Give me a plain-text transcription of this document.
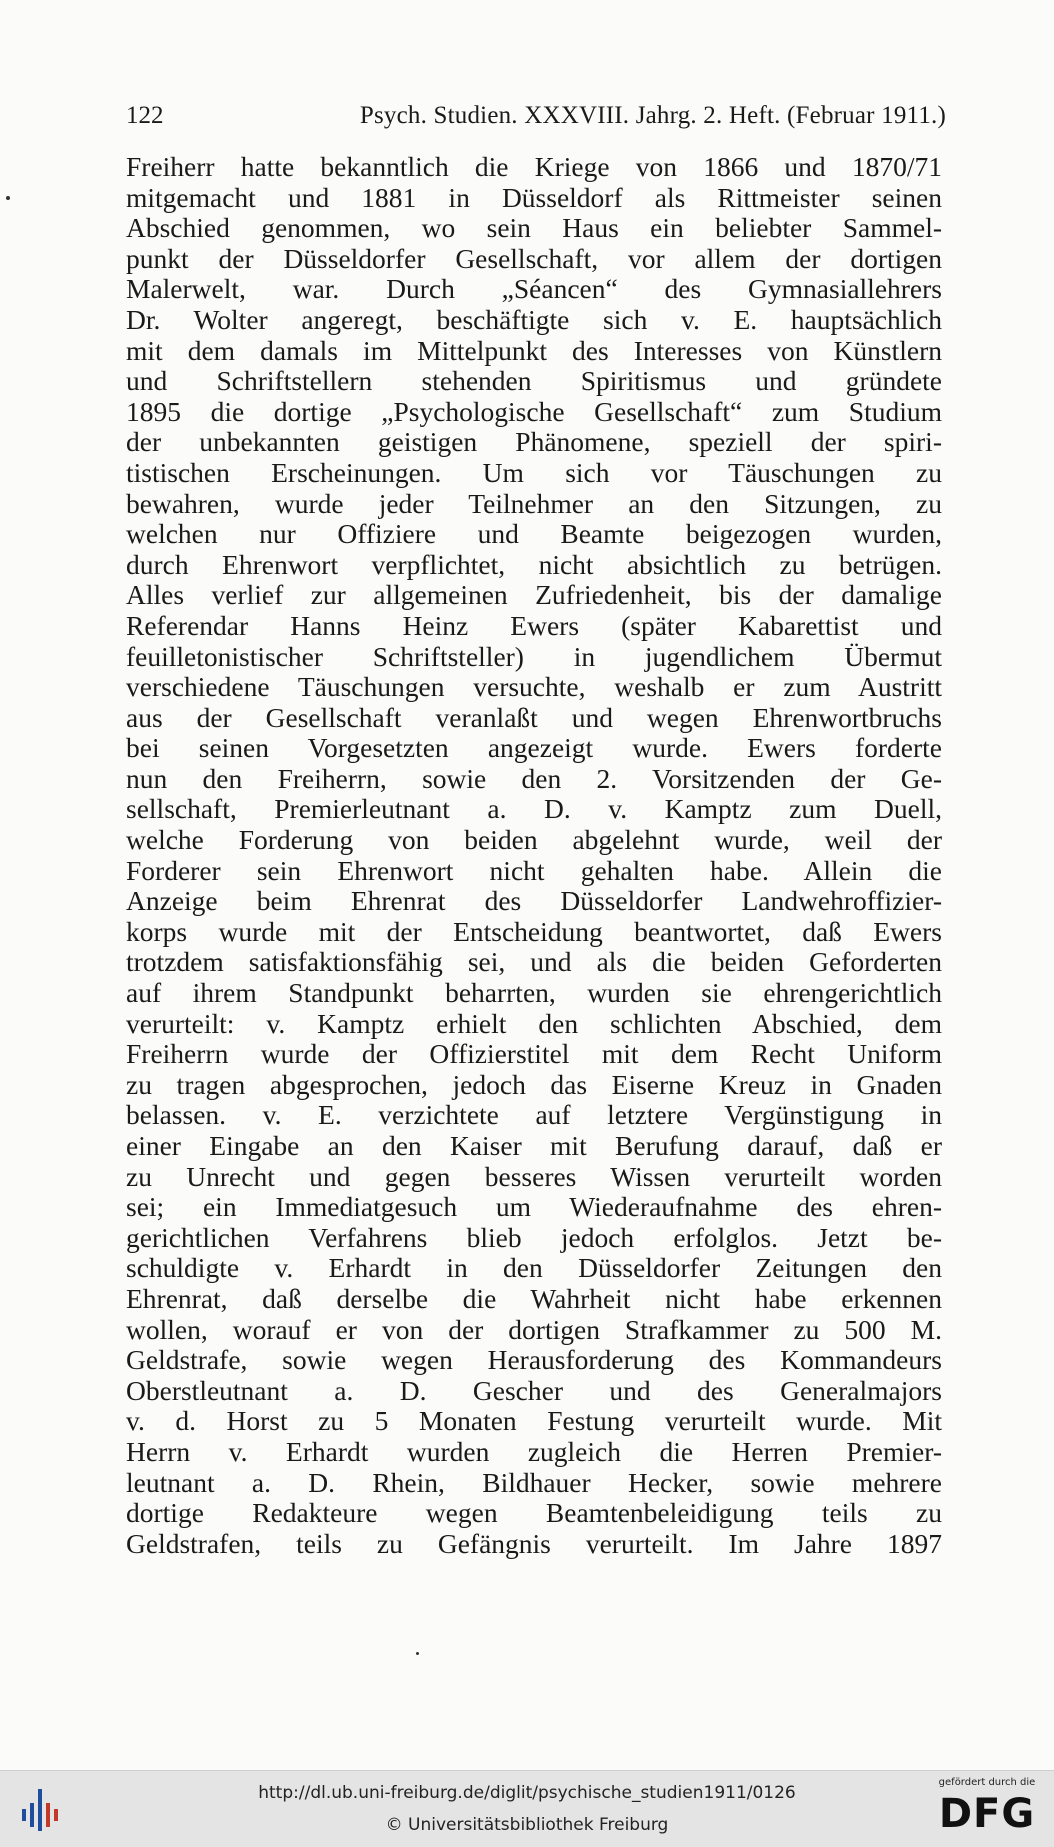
122	Psych. Studien. XXXVIII. Jahrg. 2. Heft. (Februar 1911.)
Freiherr hatte bekanntlich die Kriege von 1866 und 1870/71
mitgemacht und 1881 in Düsseldorf als Rittmeister seinen
Abschied genommen, wo sein Haus ein beliebter Sammel-
punkt der Düsseldorfer Gesellschaft, vor allem der dortigen
Malerwelt, war. Durch „Séancen“ des Gymnasiallehrers
Dr. Wolter angeregt, beschäftigte sich v. E. hauptsächlich
mit dem damals im Mittelpunkt des Interesses von Künstlern
und Schriftstellern stehenden Spiritismus und gründete
1895 die dortige „Psychologische Gesellschaft“ zum Studium
der unbekannten geistigen Phänomene, speziell der spiri-
tistischen Erscheinungen. Um sich vor Täuschungen zu
bewahren, wurde jeder Teilnehmer an den Sitzungen, zu
welchen nur Offiziere und Beamte beigezogen wurden,
durch Ehrenwort verpflichtet, nicht absichtlich zu betrügen.
Alles verlief zur allgemeinen Zufriedenheit, bis der damalige
Referendar Hanns Heinz Ewers (später Kabarettist und
feuilletonistischer Schriftsteller) in jugendlichem Übermut
verschiedene Täuschungen versuchte, weshalb er zum Austritt
aus der Gesellschaft veranlaßt und wegen Ehrenwortbruchs
bei seinen Vorgesetzten angezeigt wurde. Ewers forderte
nun den Freiherrn, sowie den 2. Vorsitzenden der Ge-
sellschaft, Premierleutnant a. D. v. Kamptz zum Duell,
welche Forderung von beiden abgelehnt wurde, weil der
Forderer sein Ehrenwort nicht gehalten habe. Allein die
Anzeige beim Ehrenrat des Düsseldorfer Landwehroffizier-
korps wurde mit der Entscheidung beantwortet, daß Ewers
trotzdem satisfaktionsfähig sei, und als die beiden Geforderten
auf ihrem Standpunkt beharrten, wurden sie ehrengerichtlich
verurteilt: v. Kamptz erhielt den schlichten Abschied, dem
Freiherrn wurde der Offizierstitel mit dem Recht Uniform
zu tragen abgesprochen, jedoch das Eiserne Kreuz in Gnaden
belassen. v. E. verzichtete auf letztere Vergünstigung in
einer Eingabe an den Kaiser mit Berufung darauf, daß er
zu Unrecht und gegen besseres Wissen verurteilt worden
sei; ein Immediatgesuch um Wiederaufnahme des ehren-
gerichtlichen Verfahrens blieb jedoch erfolglos. Jetzt be-
schuldigte v. Erhardt in den Düsseldorfer Zeitungen den
Ehrenrat, daß derselbe die Wahrheit nicht habe erkennen
wollen, worauf er von der dortigen Strafkammer zu 500 M.
Geldstrafe, sowie wegen Herausforderung des Kommandeurs
Oberstleutnant a. D. Gescher und des Generalmajors
v. d. Horst zu 5 Monaten Festung verurteilt wurde. Mit
Herrn v. Erhardt wurden zugleich die Herren Premier-
leutnant a. D. Rhein, Bildhauer Hecker, sowie mehrere
dortige Redakteure wegen Beamtenbeleidigung teils zu
Geldstrafen, teils zu Gefängnis verurteilt. Im Jahre 1897
http://dl.ub.uni-freiburg.de/diglit/psychische_studien1911/0126
© Universitätsbibliothek Freiburg
gefördert durch die
DFG
